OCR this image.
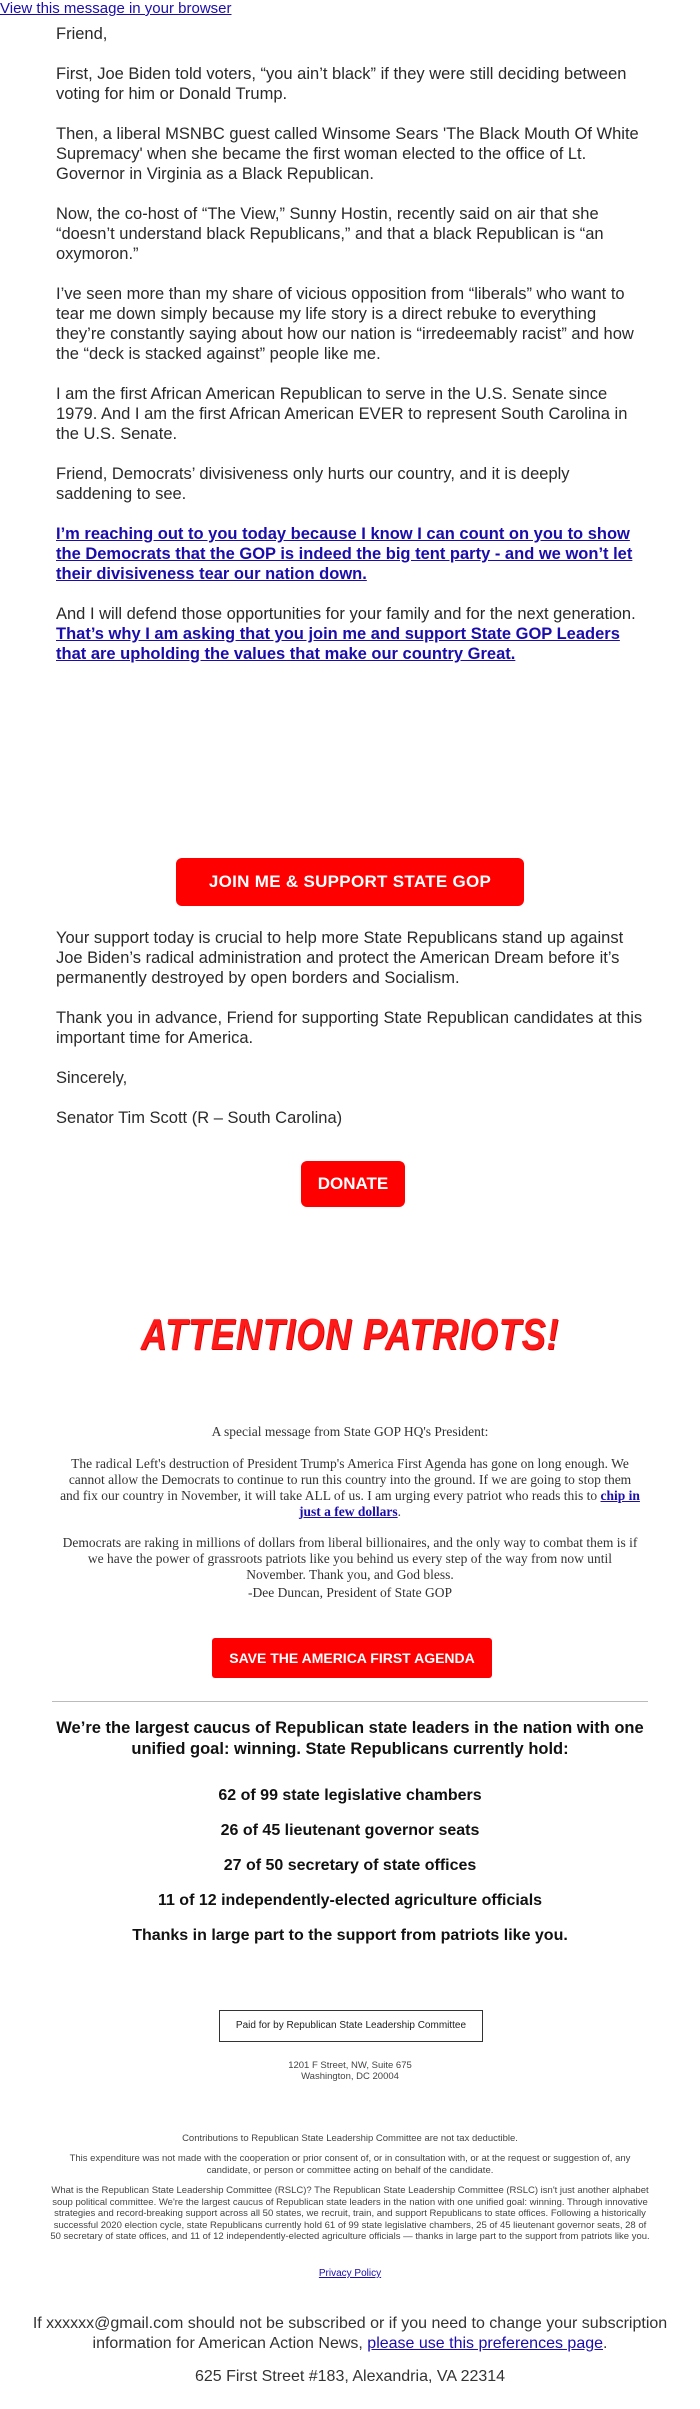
View this message in your browser

Friend,

First, Joe Biden told voters, “you ain’t black” if they were still deciding between voting for him or Donald Trump.

Then, a liberal MSNBC guest called Winsome Sears 'The Black Mouth Of White Supremacy' when she became the first woman elected to the office of Lt. Governor in Virginia as a Black Republican.

Now, the co-host of “The View,” Sunny Hostin, recently said on air that she “doesn’t understand black Republicans,” and that a black Republican is “an oxymoron.”

I’ve seen more than my share of vicious opposition from “liberals” who want to tear me down simply because my life story is a direct rebuke to everything they’re constantly saying about how our nation is “irredeemably racist” and how the “deck is stacked against” people like me.

I am the first African American Republican to serve in the U.S. Senate since 1979. And I am the first African American EVER to represent South Carolina in the U.S. Senate.

Friend, Democrats’ divisiveness only hurts our country, and it is deeply saddening to see.

I’m reaching out to you today because I know I can count on you to show the Democrats that the GOP is indeed the big tent party - and we won’t let their divisiveness tear our nation down.

And I will defend those opportunities for your family and for the next generation. That’s why I am asking that you join me and support State GOP Leaders that are upholding the values that make our country Great.

JOIN ME & SUPPORT STATE GOP

Your support today is crucial to help more State Republicans stand up against Joe Biden’s radical administration and protect the American Dream before it’s permanently destroyed by open borders and Socialism.

Thank you in advance, Friend for supporting State Republican candidates at this important time for America.

Sincerely,

Senator Tim Scott (R – South Carolina)

DONATE
ATTENTION PATRIOTS!
A special message from State GOP HQ's President:
The radical Left's destruction of President Trump's America First Agenda has gone on long enough. We cannot allow the Democrats to continue to run this country into the ground. If we are going to stop them and fix our country in November, it will take ALL of us. I am urging every patriot who reads this to chip in just a few dollars.
Democrats are raking in millions of dollars from liberal billionaires, and the only way to combat them is if we have the power of grassroots patriots like you behind us every step of the way from now until November. Thank you, and God bless.
-Dee Duncan, President of State GOP
SAVE THE AMERICA FIRST AGENDA
We’re the largest caucus of Republican state leaders in the nation with one unified goal: winning. State Republicans currently hold:
62 of 99 state legislative chambers
26 of 45 lieutenant governor seats
27 of 50 secretary of state offices
11 of 12 independently-elected agriculture officials
Thanks in large part to the support from patriots like you.
Paid for by Republican State Leadership Committee
1201 F Street, NW, Suite 675
Washington, DC 20004
Contributions to Republican State Leadership Committee are not tax deductible.
This expenditure was not made with the cooperation or prior consent of, or in consultation with, or at the request or suggestion of, any candidate, or person or committee acting on behalf of the candidate.
What is the Republican State Leadership Committee (RSLC)? The Republican State Leadership Committee (RSLC) isn't just another alphabet soup political committee. We're the largest caucus of Republican state leaders in the nation with one unified goal: winning. Through innovative strategies and record-breaking support across all 50 states, we recruit, train, and support Republicans to state offices. Following a historically successful 2020 election cycle, state Republicans currently hold 61 of 99 state legislative chambers, 25 of 45 lieutenant governor seats, 28 of 50 secretary of state offices, and 11 of 12 independently-elected agriculture officials — thanks in large part to the support from patriots like you.
Privacy Policy
If xxxxxx@gmail.com should not be subscribed or if you need to change your subscription information for American Action News, please use this preferences page.
625 First Street #183, Alexandria, VA 22314
